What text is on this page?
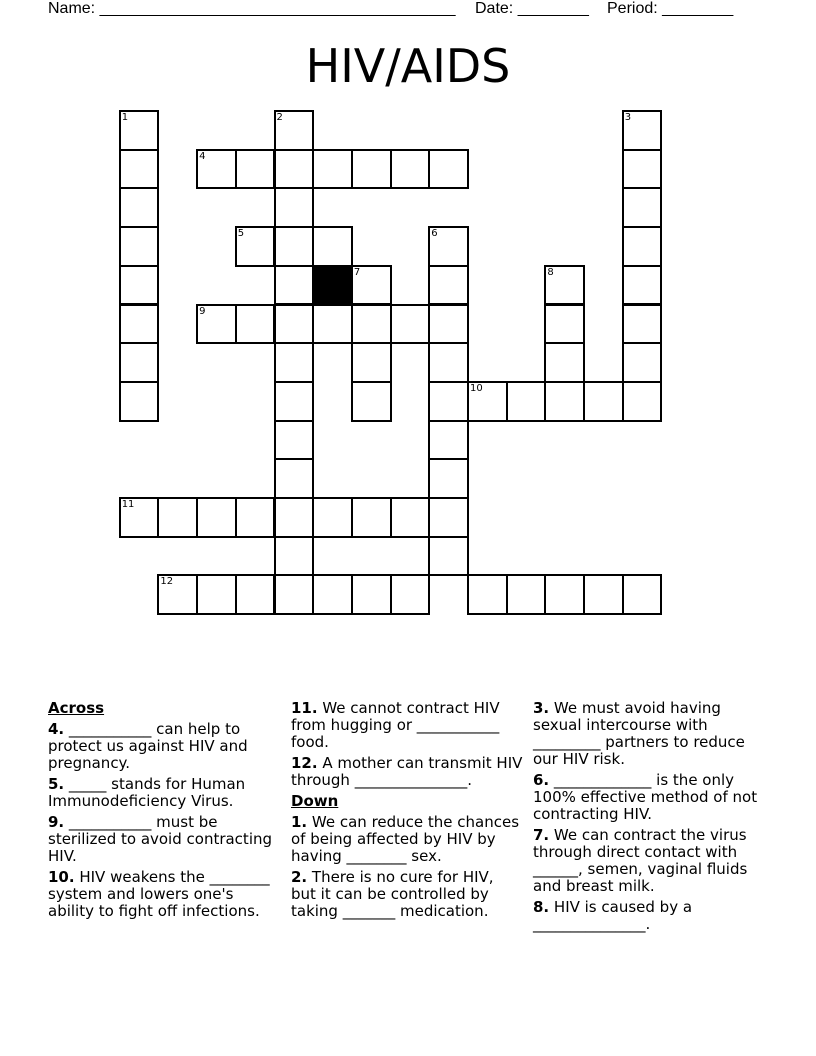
Name: ________________________________________ Date: ________ Period: ________
HIV/AIDS
1
4
2	3
5	6
7	8
9
10
11
12
Across
4. ___________ can help to protect us against HIV and pregnancy.
5. _____ stands for Human Immunodeficiency Virus.
9. ___________ must be sterilized to avoid contracting HIV.
10. HIV weakens the ________ system and lowers one's ability to fight off infections.
11. We cannot contract HIV from hugging or ___________ food.
12. A mother can transmit HIV through _______________.
Down
1. We can reduce the chances of being affected by HIV by having ________ sex.
2. There is no cure for HIV, but it can be controlled by taking _______ medication.
3. We must avoid having sexual intercourse with _________ partners to reduce our HIV risk.
6. _____________ is the only 100% effective method of not contracting HIV.
7. We can contract the virus through direct contact with ______, semen, vaginal fluids and breast milk.
8. HIV is caused by a _______________.
